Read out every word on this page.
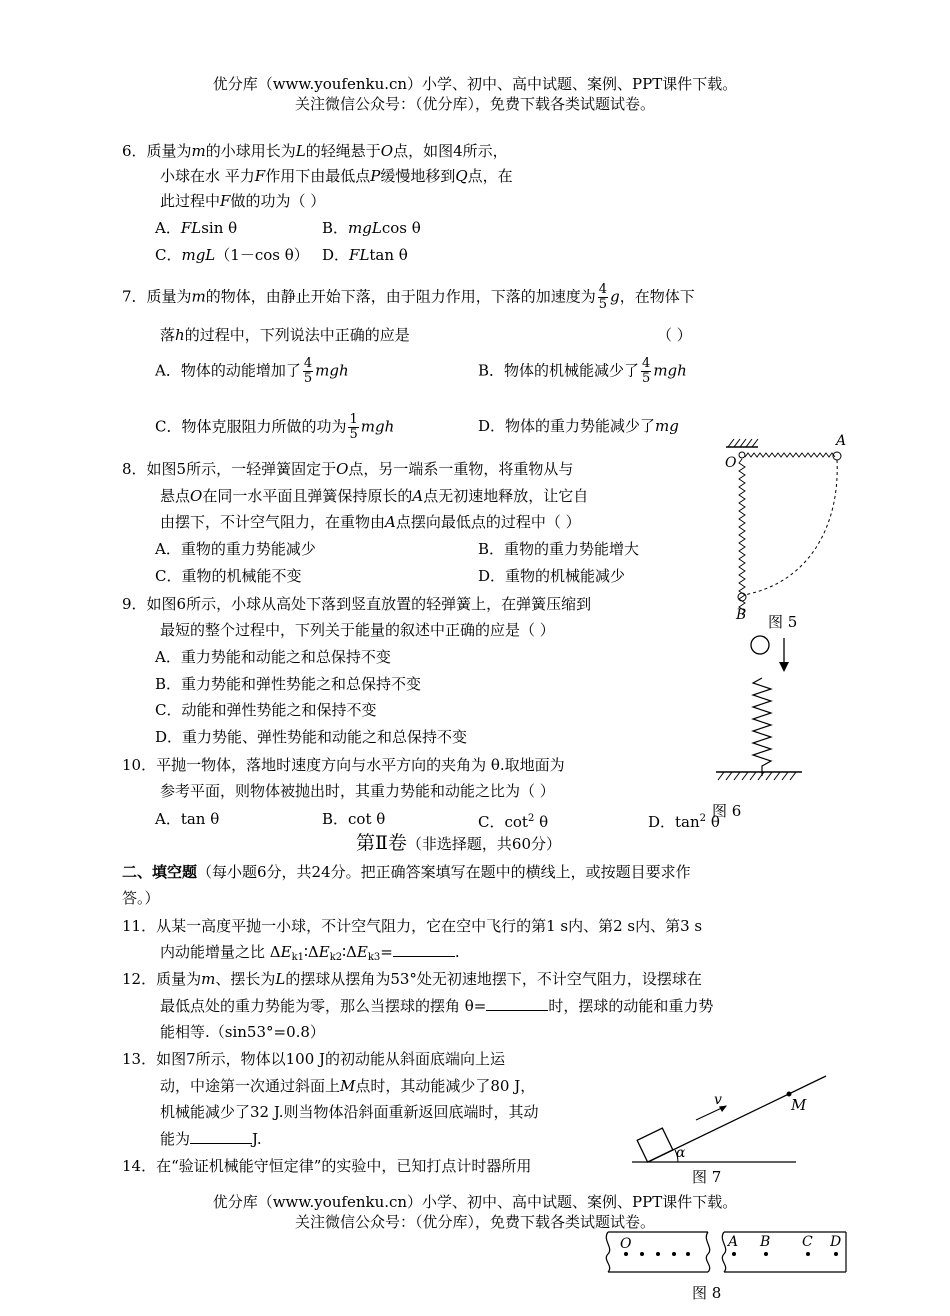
优分库（www.youfenku.cn）小学、初中、高中试题、案例、PPT课件下载。
关注微信公众号：（优分库），免费下载各类试题试卷。
6．质量为m的小球用长为L的轻绳悬于O点，如图4所示，
小球在水 平力F作用下由最低点P缓慢地移到Q点，在
此过程中F做的功为（ ）
A．FLsin θ	B．mgLcos θ
C．mgL（1－cos θ） D．FLtan θ
7．质量为m的物体，由静止开始下落，由于阻力作用，下落的加速度为 $\frac{4}{5}$ g，在物体下
落h的过程中，下列说法中正确的应是	（ ）
A．物体的动能增加了 $\frac{4}{5}$ mgh	B．物体的机械能减少了 $\frac{4}{5}$ mgh
C．物体克服阻力所做的功为 $\frac{1}{5}$ mgh	D．物体的重力势能减少了mg
8．如图5所示，一轻弹簧固定于O点，另一端系一重物，将重物从与
悬点O在同一水平面且弹簧保持原长的A点无初速地释放，让它自
由摆下，不计空气阻力，在重物由A点摆向最低点的过程中（ ）
A．重物的重力势能减少	B．重物的重力势能增大
C．重物的机械能不变	D．重物的机械能减少
9．如图6所示，小球从高处下落到竖直放置的轻弹簧上，在弹簧压缩到
最短的整个过程中，下列关于能量的叙述中正确的应是（ ）
A．重力势能和动能之和总保持不变
B．重力势能和弹性势能之和总保持不变
C．动能和弹性势能之和保持不变
D．重力势能、弹性势能和动能之和总保持不变
10．平抛一物体，落地时速度方向与水平方向的夹角为 θ.取地面为
参考平面，则物体被抛出时，其重力势能和动能之比为（ ）
A．tan θ	B．cot θ	C．$\cot^2 \theta$	D．$\tan^2 \theta$
第Ⅱ卷（非选择题，共60分）
二、填空题（每小题6分，共24分。把正确答案填写在题中的横线上，或按题目要求作
答。）
11．从某一高度平抛一小球，不计空气阻力，它在空中飞行的第1 s内、第2 s内、第3 s
内动能增量之比 $\Delta E_{k1}∶\Delta E_{k2}∶\Delta E_{k3}=$	.
12．质量为m、摆长为L的摆球从摆角为53°处无初速地摆下，不计空气阻力，设摆球在
最低点处的重力势能为零，那么当摆球的摆角 θ=	时，摆球的动能和重力势
能相等.（sin53°=0.8）
13．如图7所示，物体以100 J的初动能从斜面底端向上运
动，中途第一次通过斜面上M点时，其动能减少了80 J，
机械能减少了32 J.则当物体沿斜面重新返回底端时，其动
能为	J.
14．在“验证机械能守恒定律”的实验中，已知打点计时器所用
优分库（www.youfenku.cn）小学、初中、高中试题、案例、PPT课件下载。
关注微信公众号：（优分库），免费下载各类试题试卷。
O
A
B 图 5
图 6
v	M
α
图 7
O	A B C D
图 8
